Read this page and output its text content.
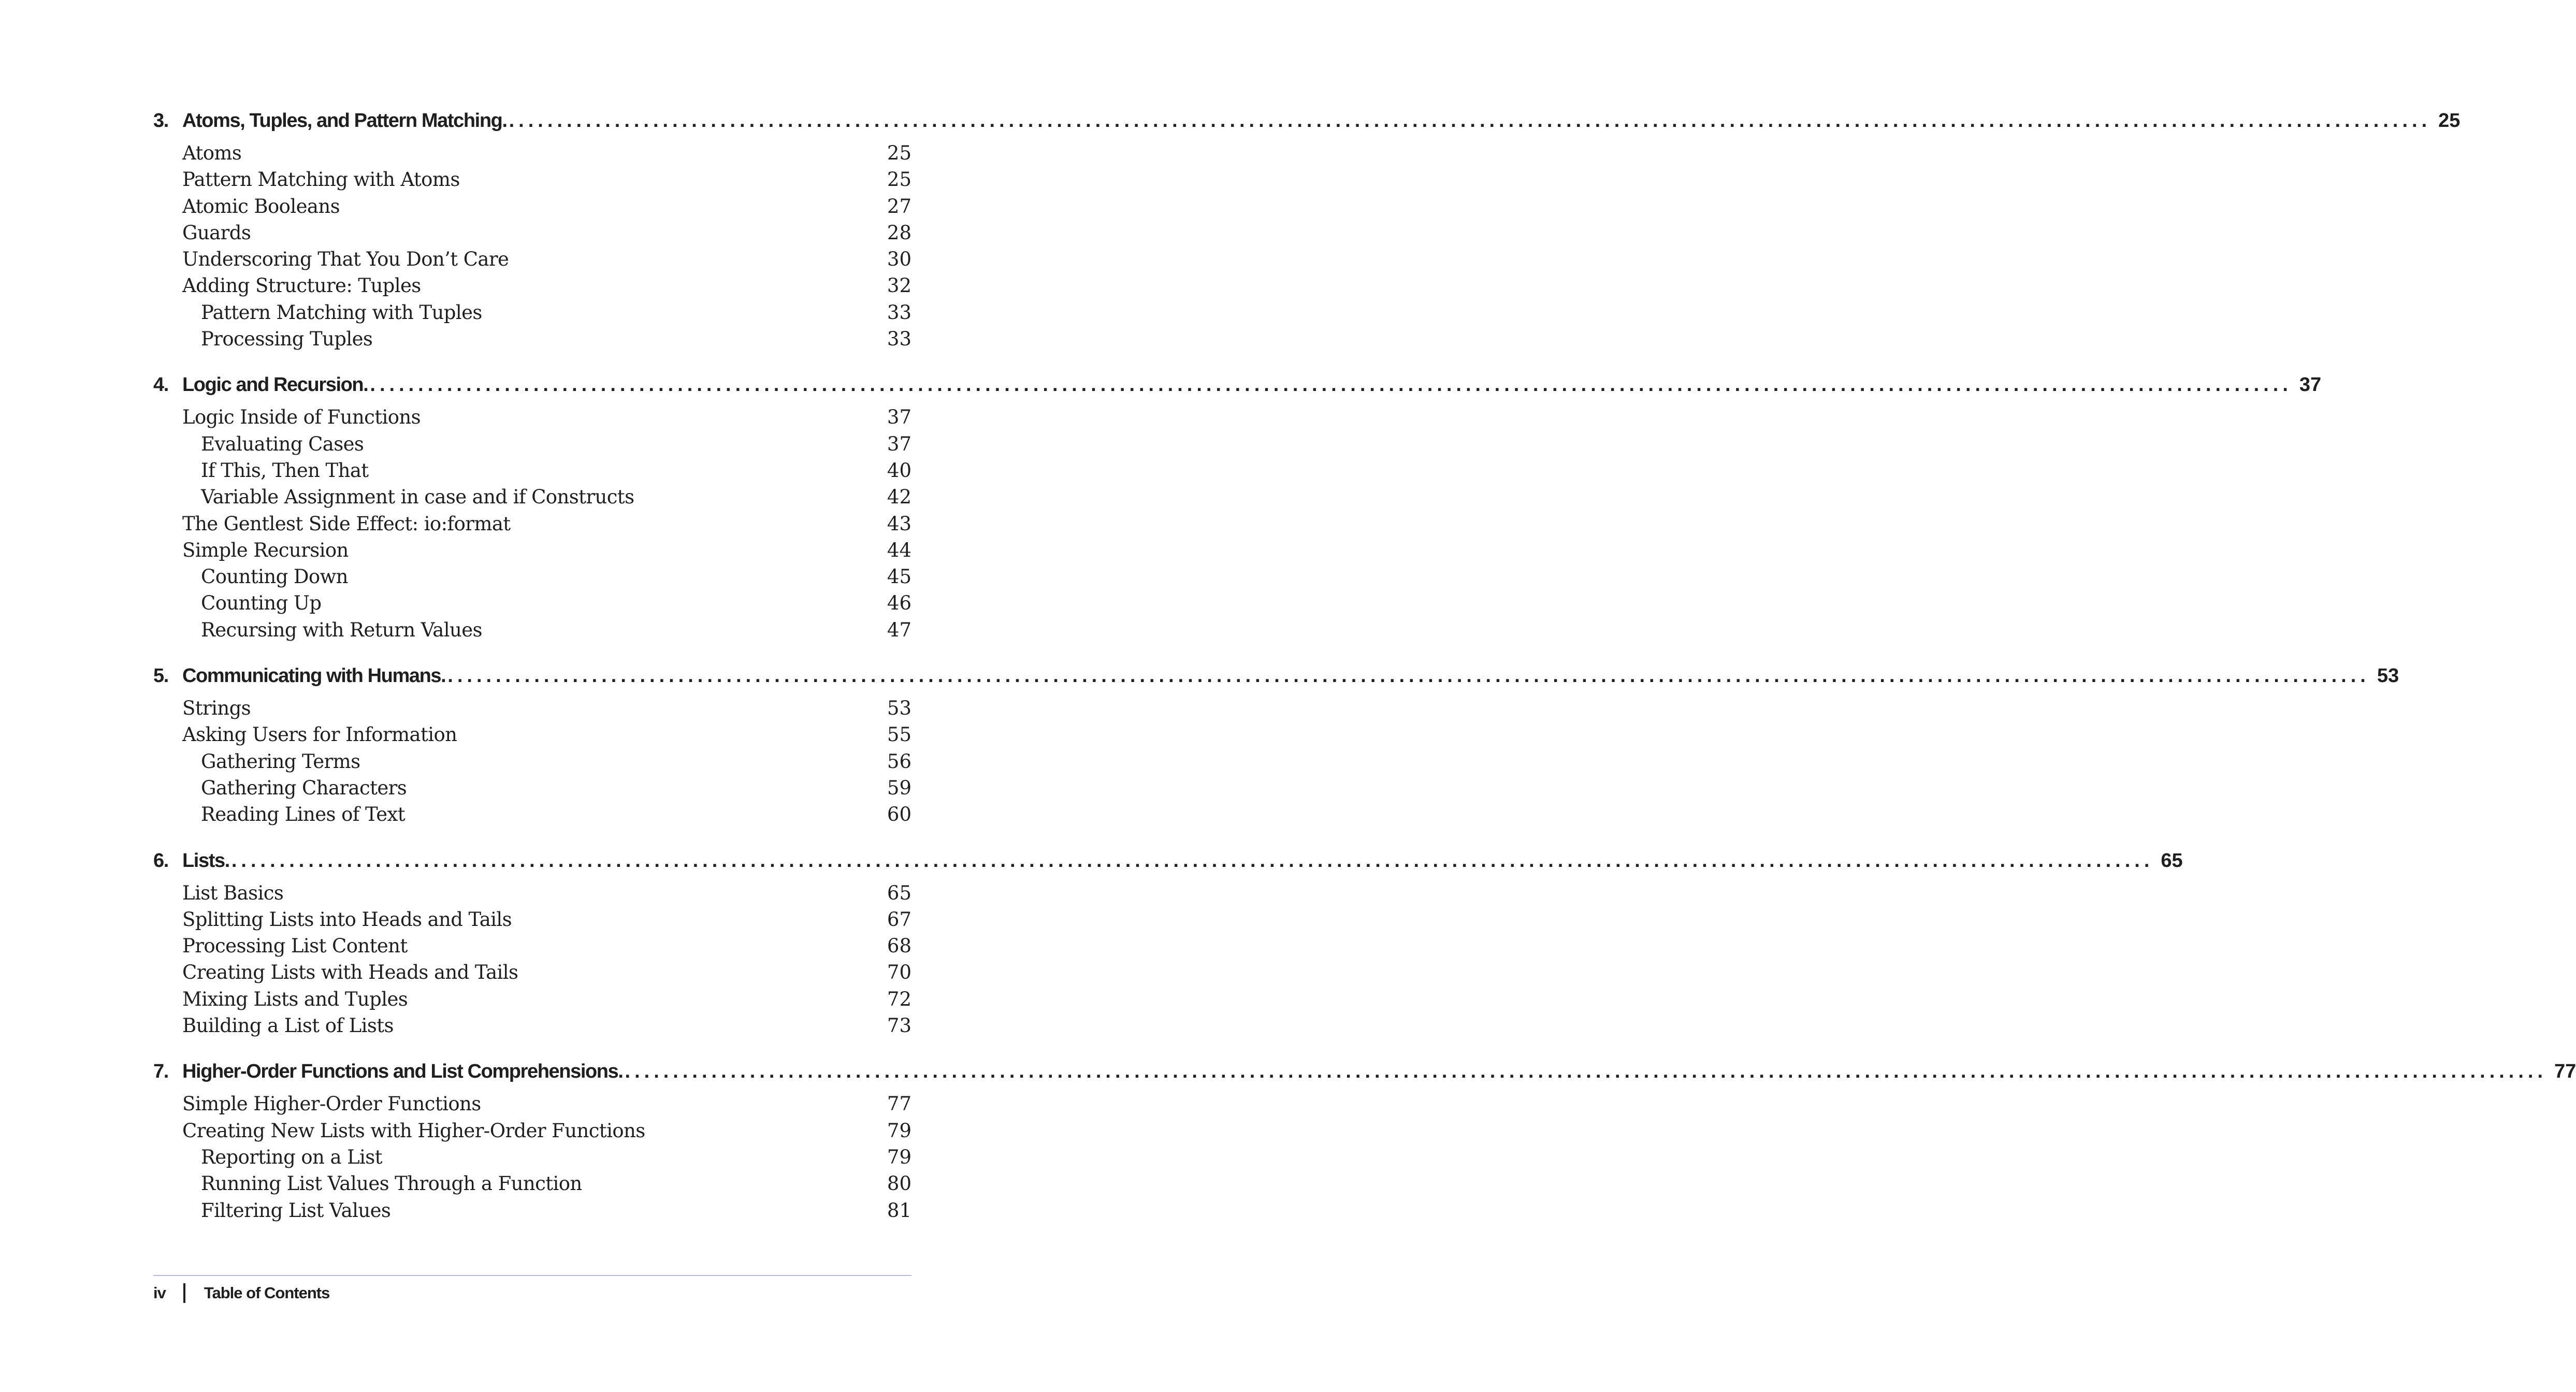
3. Atoms, Tuples, and Pattern Matching. ........................................................................................................................................................................................................ 25
Atoms	25
Pattern Matching with Atoms	25
Atomic Booleans	27
Guards	28
Underscoring That You Don’t Care	30
Adding Structure: Tuples	32
Pattern Matching with Tuples	33
Processing Tuples	33
4. Logic and Recursion. ........................................................................................................................................................................................................ 37
Logic Inside of Functions	37
Evaluating Cases	37
If This, Then That	40
Variable Assignment in case and if Constructs	42
The Gentlest Side Effect: io:format	43
Simple Recursion	44
Counting Down	45
Counting Up	46
Recursing with Return Values	47
5. Communicating with Humans. ........................................................................................................................................................................................................ 53
Strings	53
Asking Users for Information	55
Gathering Terms	56
Gathering Characters	59
Reading Lines of Text	60
6. Lists. ........................................................................................................................................................................................................ 65
List Basics	65
Splitting Lists into Heads and Tails	67
Processing List Content	68
Creating Lists with Heads and Tails	70
Mixing Lists and Tuples	72
Building a List of Lists	73
7. Higher-Order Functions and List Comprehensions. ........................................................................................................................................................................................................ 77
Simple Higher-Order Functions	77
Creating New Lists with Higher-Order Functions	79
Reporting on a List	79
Running List Values Through a Function	80
Filtering List Values	81
iv Table of Contents
